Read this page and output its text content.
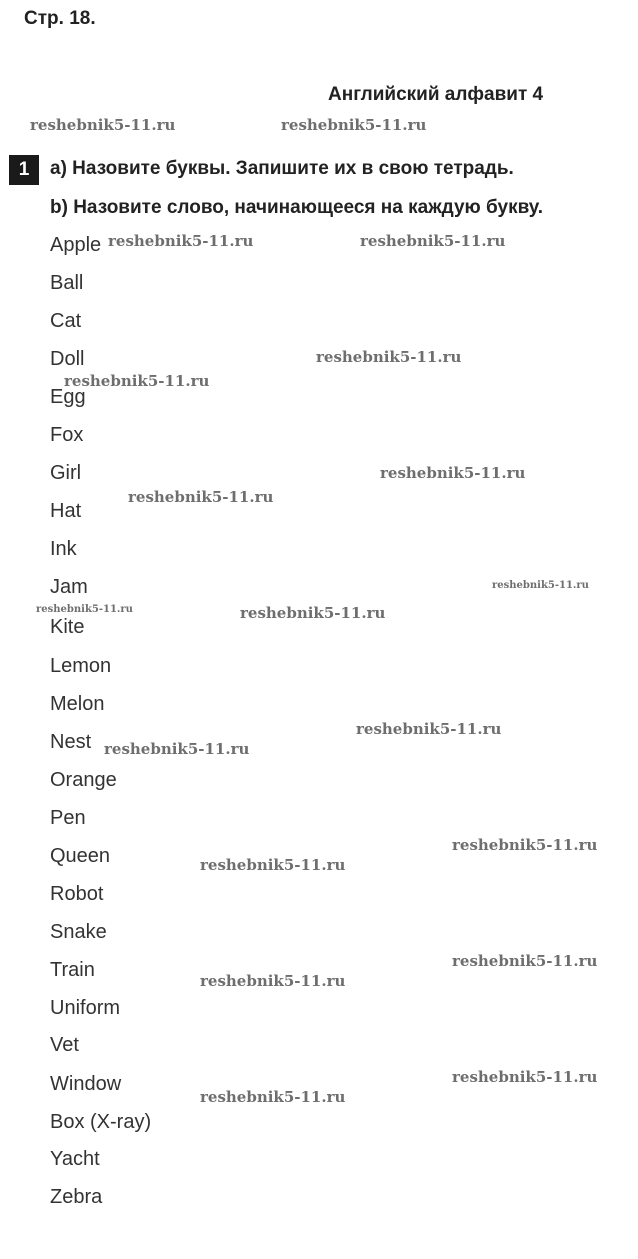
Стр. 18.
Английский алфавит 4
1	a) Назовите буквы. Запишите их в свою тетрадь.
b) Назовите слово, начинающееся на каждую букву.
Apple
Ball
Cat
Doll
Egg
Fox
Girl
Hat
Ink
Jam
Kite
Lemon
Melon
Nest
Orange
Pen
Queen
Robot
Snake
Train
Uniform
Vet
Window
Box (X-ray)
Yacht
Zebra
reshebnik5-11.ru	reshebnik5-11.ru
reshebnik5-11.ru	reshebnik5-11.ru
reshebnik5-11.ru
reshebnik5-11.ru
reshebnik5-11.ru
reshebnik5-11.ru
reshebnik5-11.ru
reshebnik5-11.ru	reshebnik5-11.ru
reshebnik5-11.ru
reshebnik5-11.ru
reshebnik5-11.ru
reshebnik5-11.ru
reshebnik5-11.ru
reshebnik5-11.ru
reshebnik5-11.ru
reshebnik5-11.ru
